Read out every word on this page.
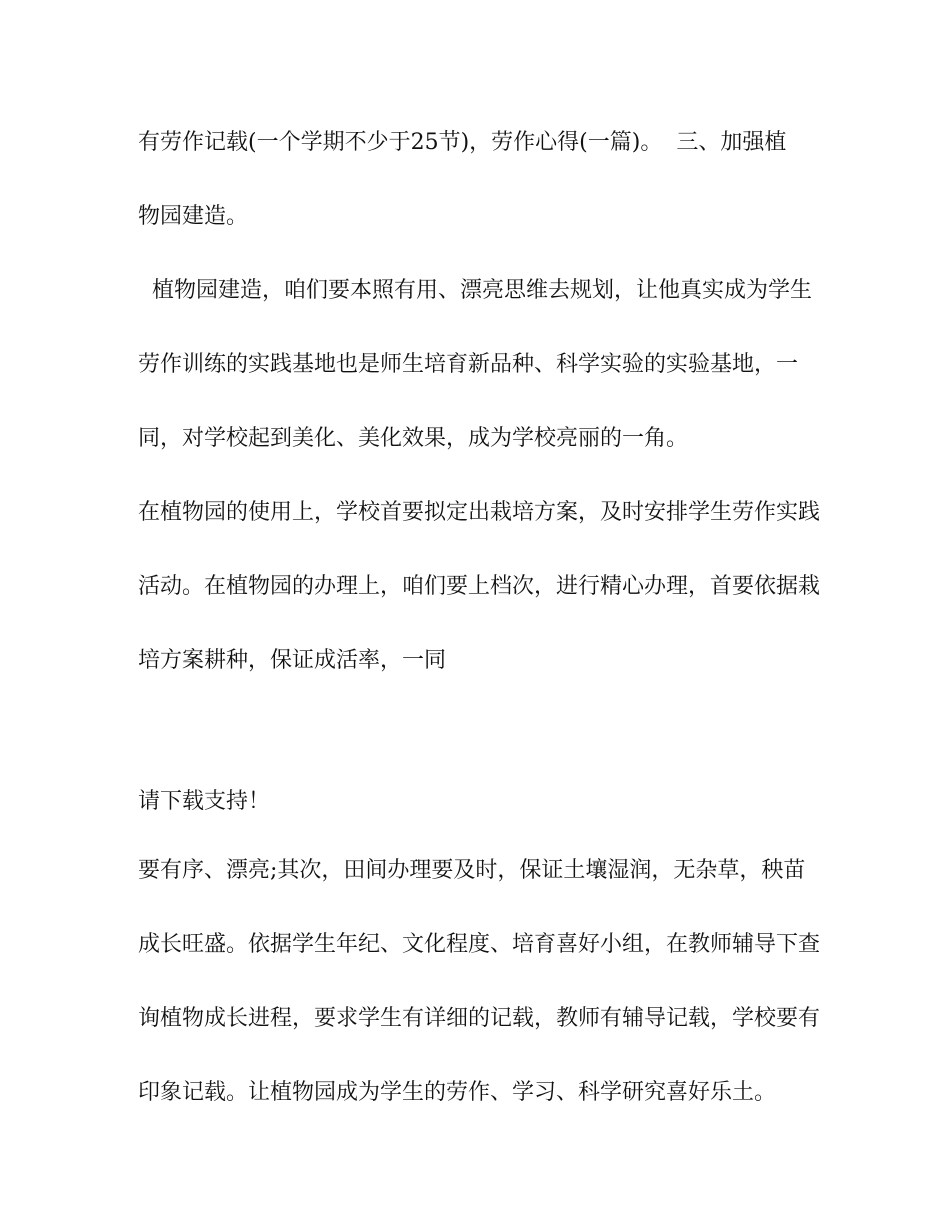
有劳作记载(一个学期不少于25节)，劳作心得(一篇)。  三、加强植

物园建造。

植物园建造，咱们要本照有用、漂亮思维去规划，让他真实成为学生

劳作训练的实践基地也是师生培育新品种、科学实验的实验基地，一

同，对学校起到美化、美化效果，成为学校亮丽的一角。

在植物园的使用上，学校首要拟定出栽培方案，及时安排学生劳作实践

活动。在植物园的办理上，咱们要上档次，进行精心办理，首要依据栽

培方案耕种，保证成活率，一同

请下载支持！

要有序、漂亮;其次，田间办理要及时，保证土壤湿润，无杂草，秧苗

成长旺盛。依据学生年纪、文化程度、培育喜好小组，在教师辅导下查

询植物成长进程，要求学生有详细的记载，教师有辅导记载，学校要有

印象记载。让植物园成为学生的劳作、学习、科学研究喜好乐土。
